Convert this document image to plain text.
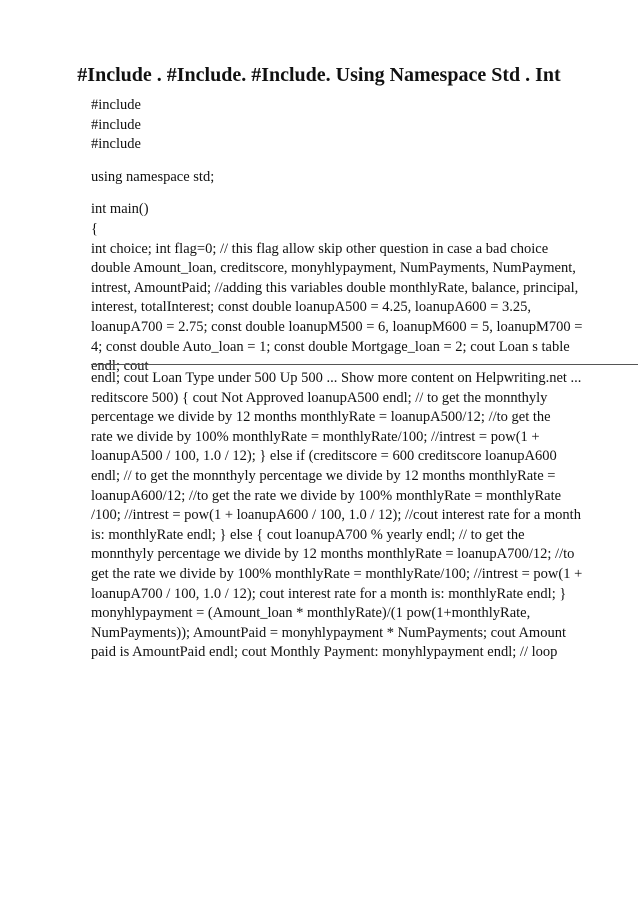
#Include . #Include. #Include. Using Namespace Std . Int
#include
#include
#include
using namespace std;
int main()
{
int choice; int flag=0; // this flag allow skip other question in case a bad choice
double Amount_loan, creditscore, monyhlypayment, NumPayments, NumPayment,
intrest, AmountPaid; //adding this variables double monthlyRate, balance, principal,
interest, totalInterest; const double loanupA500 = 4.25, loanupA600 = 3.25,
loanupA700 = 2.75; const double loanupM500 = 6, loanupM600 = 5, loanupM700 =
4; const double Auto_loan = 1; const double Mortgage_loan = 2; cout Loan s table
endl; cout
endl; cout Loan Type under 500 Up 500 ... Show more content on Helpwriting.net ...
reditscore 500) { cout Not Approved loanupA500 endl; // to get the monnthyly
percentage we divide by 12 months monthlyRate = loanupA500/12; //to get the
rate we divide by 100% monthlyRate = monthlyRate/100; //intrest = pow(1 +
loanupA500 / 100, 1.0 / 12); } else if (creditscore = 600 creditscore loanupA600
endl; // to get the monnthyly percentage we divide by 12 months monthlyRate =
loanupA600/12; //to get the rate we divide by 100% monthlyRate = monthlyRate
/100; //intrest = pow(1 + loanupA600 / 100, 1.0 / 12); //cout interest rate for a month
is: monthlyRate endl; } else { cout loanupA700 % yearly endl; // to get the
monnthyly percentage we divide by 12 months monthlyRate = loanupA700/12; //to
get the rate we divide by 100% monthlyRate = monthlyRate/100; //intrest = pow(1 +
loanupA700 / 100, 1.0 / 12); cout interest rate for a month is: monthlyRate endl; }
monyhlypayment = (Amount_loan * monthlyRate)/(1 pow(1+monthlyRate,
NumPayments)); AmountPaid = monyhlypayment * NumPayments; cout Amount
paid is AmountPaid endl; cout Monthly Payment: monyhlypayment endl; // loop
